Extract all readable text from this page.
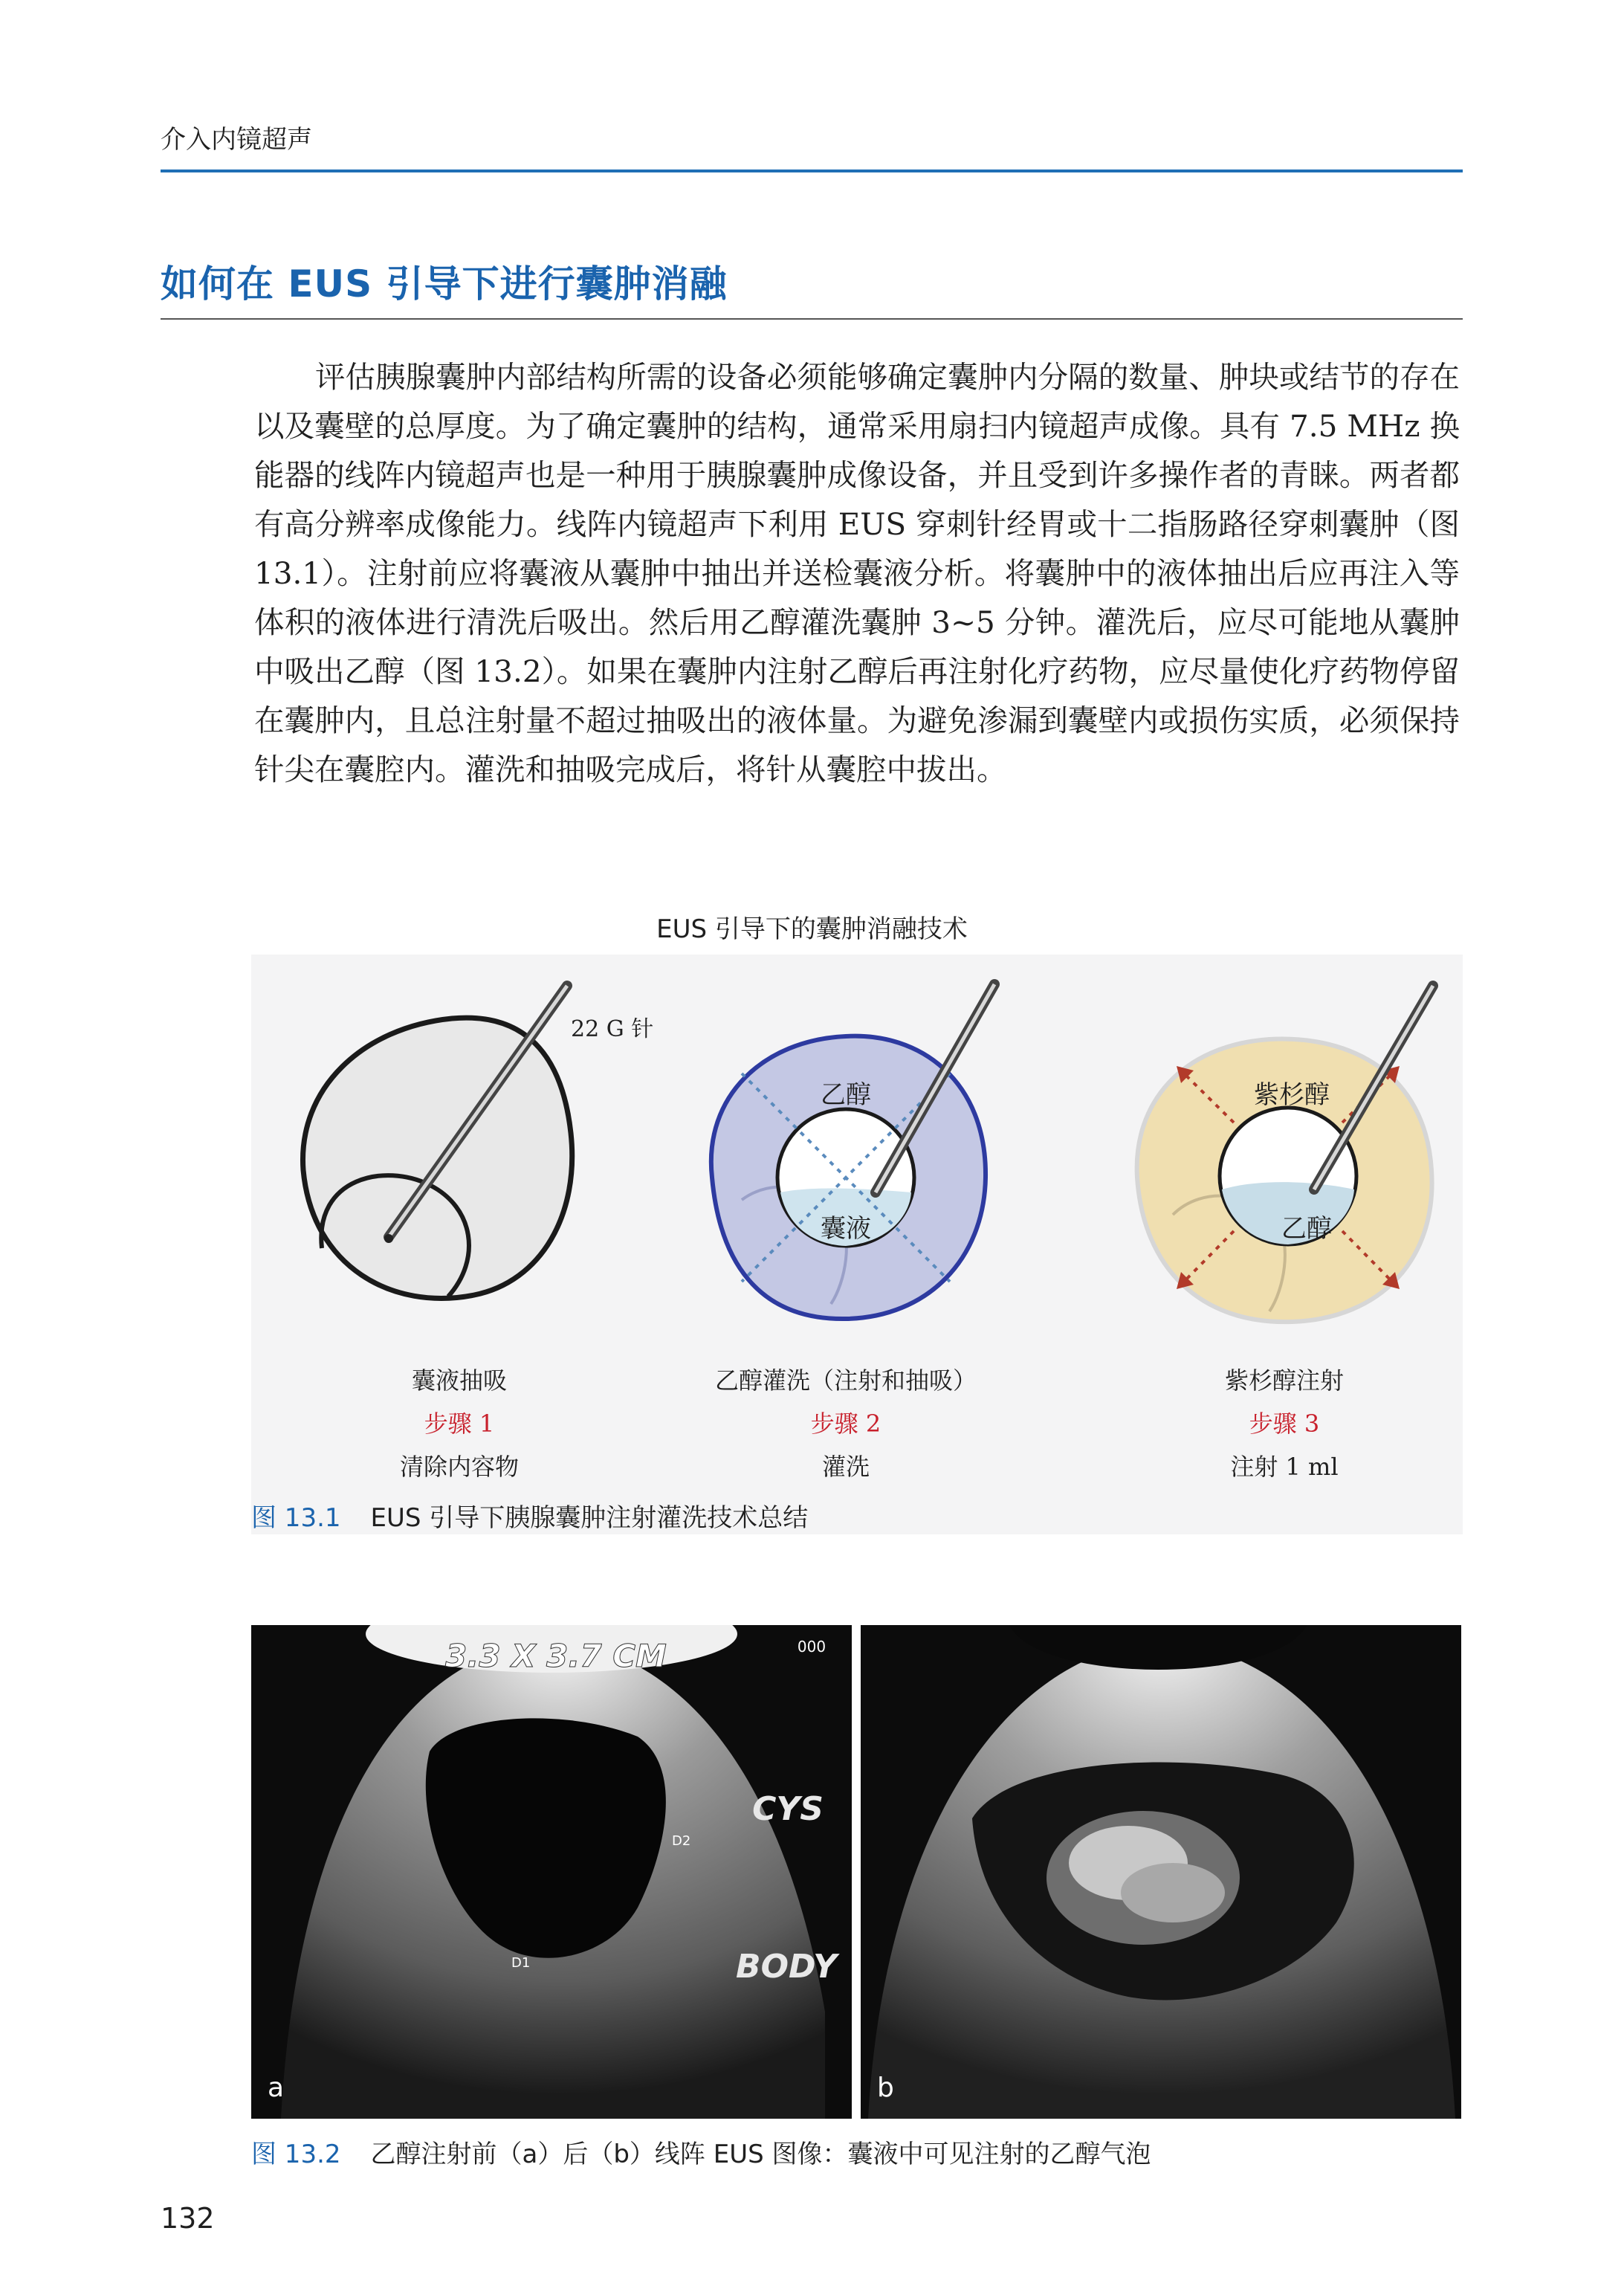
介入内镜超声
如何在 EUS 引导下进行囊肿消融

评估胰腺囊肿内部结构所需的设备必须能够确定囊肿内分隔的数量、肿块或结节的存在以及囊壁的总厚度。为了确定囊肿的结构，通常采用扇扫内镜超声成像。具有 7.5 MHz 换能器的线阵内镜超声也是一种用于胰腺囊肿成像设备，并且受到许多操作者的青睐。两者都有高分辨率成像能力。线阵内镜超声下利用 EUS 穿刺针经胃或十二指肠路径穿刺囊肿（图 13.1）。注射前应将囊液从囊肿中抽出并送检囊液分析。将囊肿中的液体抽出后应再注入等体积的液体进行清洗后吸出。然后用乙醇灌洗囊肿 3~5 分钟。灌洗后，应尽可能地从囊肿中吸出乙醇（图 13.2）。如果在囊肿内注射乙醇后再注射化疗药物，应尽量使化疗药物停留在囊肿内，且总注射量不超过抽吸出的液体量。为避免渗漏到囊壁内或损伤实质，必须保持针尖在囊腔内。灌洗和抽吸完成后，将针从囊腔中拔出。

EUS 引导下的囊肿消融技术
22 G 针
乙醇
囊液
紫杉醇
乙醇
囊液抽吸
步骤 1
清除内容物
乙醇灌洗（注射和抽吸）
步骤 2
灌洗
紫杉醇注射
步骤 3
注射 1 ml
图 13.1 EUS 引导下胰腺囊肿注射灌洗技术总结
3.3 X 3.7 CM	000
CYS
BODY
D1
D2
a	b
图 13.2 乙醇注射前（a）后（b）线阵 EUS 图像：囊液中可见注射的乙醇气泡
132
